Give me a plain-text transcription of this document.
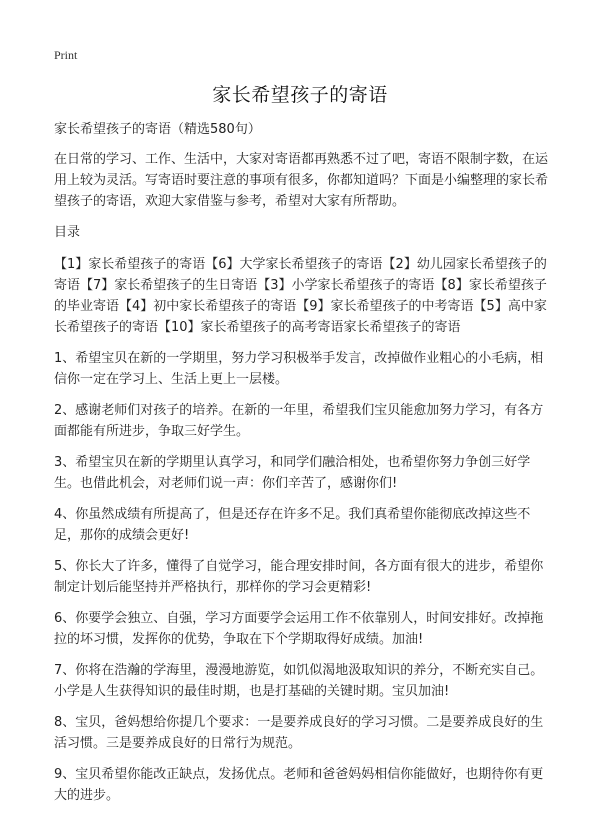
Print
家长希望孩子的寄语

家长希望孩子的寄语（精选580句）

在日常的学习、工作、生活中，大家对寄语都再熟悉不过了吧，寄语不限制字数，在运用上较为灵活。写寄语时要注意的事项有很多，你都知道吗？下面是小编整理的家长希望孩子的寄语，欢迎大家借鉴与参考，希望对大家有所帮助。

目录

【1】家长希望孩子的寄语【6】大学家长希望孩子的寄语【2】幼儿园家长希望孩子的寄语【7】家长希望孩子的生日寄语【3】小学家长希望孩子的寄语【8】家长希望孩子的毕业寄语【4】初中家长希望孩子的寄语【9】家长希望孩子的中考寄语【5】高中家长希望孩子的寄语【10】家长希望孩子的高考寄语家长希望孩子的寄语

1、希望宝贝在新的一学期里，努力学习积极举手发言，改掉做作业粗心的小毛病，相信你一定在学习上、生活上更上一层楼。

2、感谢老师们对孩子的培养。在新的一年里，希望我们宝贝能愈加努力学习，有各方面都能有所进步，争取三好学生。

3、希望宝贝在新的学期里认真学习，和同学们融洽相处，也希望你努力争创三好学生。也借此机会，对老师们说一声：你们辛苦了，感谢你们!

4、你虽然成绩有所提高了，但是还存在许多不足。我们真希望你能彻底改掉这些不足，那你的成绩会更好!

5、你长大了许多，懂得了自觉学习，能合理安排时间，各方面有很大的进步，希望你制定计划后能坚持并严格执行，那样你的学习会更精彩!

6、你要学会独立、自强，学习方面要学会运用工作不依靠别人，时间安排好。改掉拖拉的坏习惯，发挥你的优势，争取在下个学期取得好成绩。加油!

7、你将在浩瀚的学海里，漫漫地游览，如饥似渴地汲取知识的养分，不断充实自己。小学是人生获得知识的最佳时期，也是打基础的关键时期。宝贝加油!

8、宝贝，爸妈想给你提几个要求：一是要养成良好的学习习惯。二是要养成良好的生活习惯。三是要养成良好的日常行为规范。

9、宝贝希望你能改正缺点，发扬优点。老师和爸爸妈妈相信你能做好，也期待你有更大的进步。
